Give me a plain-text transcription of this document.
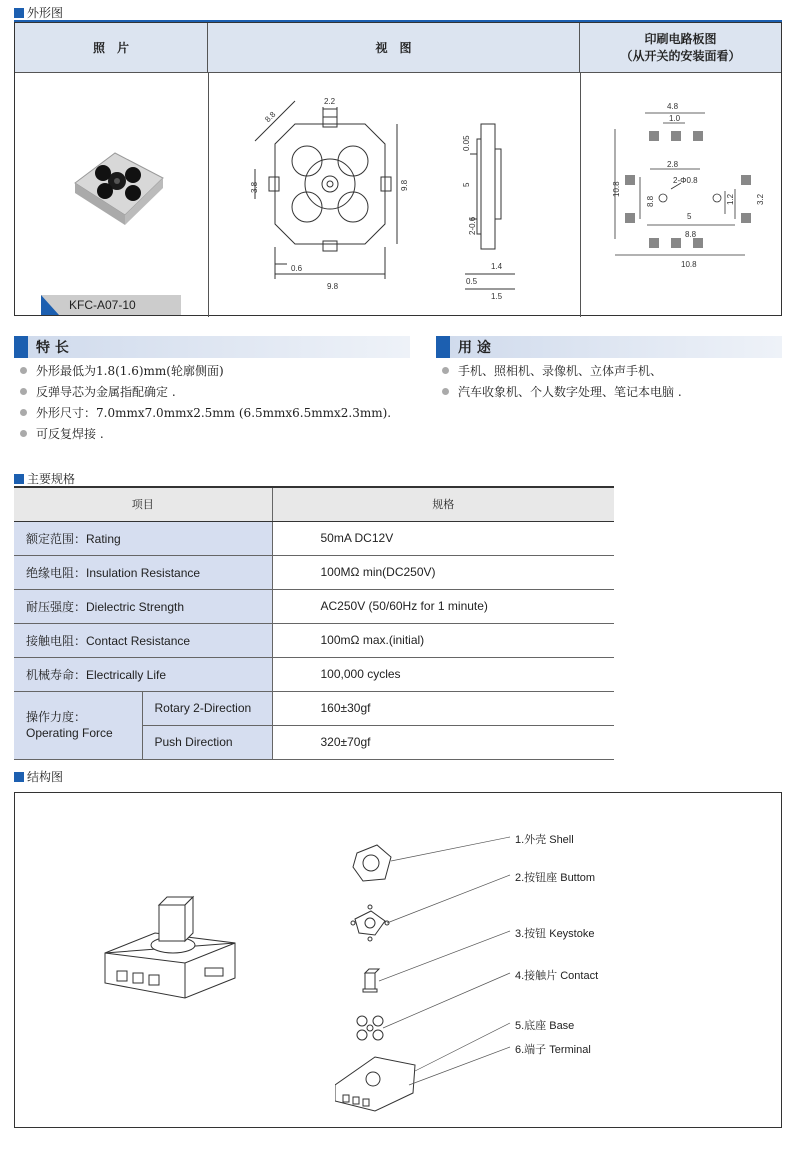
外形图
照　片	视　图
印刷电路板图
（从开关的安装面看）
KFC-A07-10
2.2
8.8
3.8	9.8
0.6
9.8
0.05
5
2-0.6
1.4
0.5
1.5
4.8
1.0
2.8
10.8
8.8
2-Φ0.8
1.2	3.2
5
8.8
10.8
特 长
外形最低为1.8(1.6)mm(轮廓侧面)
反弹导芯为金属指配确定 .
外形尺寸：7.0mmx7.0mmx2.5mm (6.5mmx6.5mmx2.3mm).
可反复焊接 .
用 途
手机、照相机、录像机、立体声手机、
汽车收象机、个人数字处理、笔记本电脑 .
主要规格
项目		规格
额定范围：Rating		50mA DC12V
绝缘电阻：Insulation Resistance		100MΩ min(DC250V)
耐压强度：Dielectric Strength		AC250V (50/60Hz for 1 minute)
接触电阻：Contact Resistance		100mΩ max.(initial)
机械寿命：Electrically Life		100,000 cycles

操作力度：
Operating Force	Rotary 2-Direction	160±30gf
	Push Direction	320±70gf
结构图
1.外壳 Shell
2.按钮座 Buttom
3.按钮 Keystoke
4.接触片 Contact
5.底座 Base
6.端子 Terminal
